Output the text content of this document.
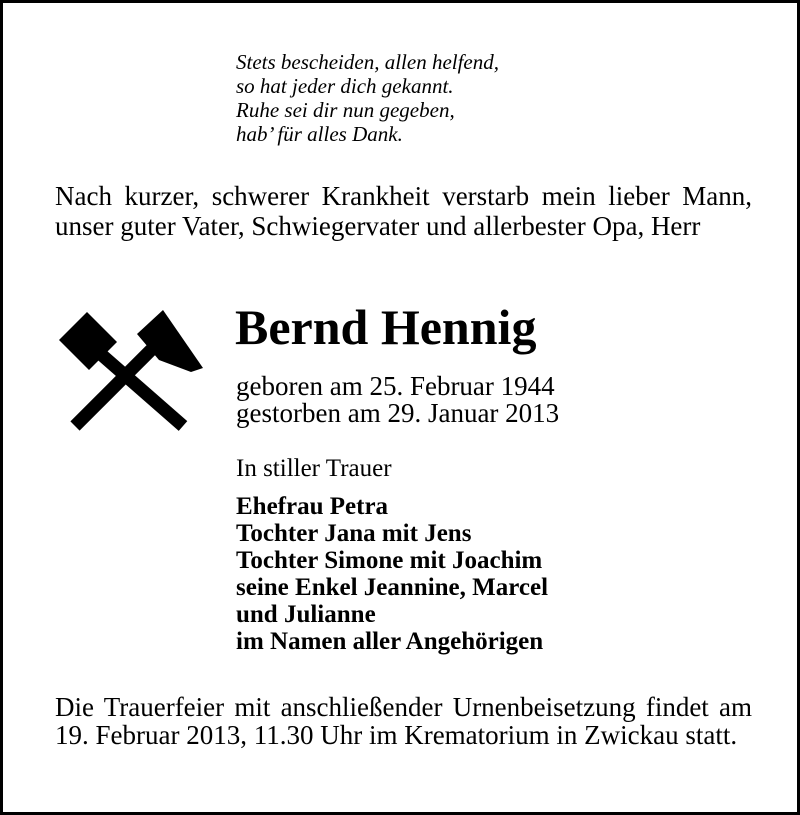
Stets bescheiden, allen helfend,
so hat jeder dich gekannt.
Ruhe sei dir nun gegeben,
hab’ für alles Dank.
Nach kurzer, schwerer Krankheit verstarb mein lieber Mann, unser guter Vater, Schwiegervater und allerbester Opa, Herr
Bernd Hennig
geboren am 25. Februar 1944
gestorben am 29. Januar 2013
In stiller Trauer
Ehefrau Petra
Tochter Jana mit Jens
Tochter Simone mit Joachim
seine Enkel Jeannine, Marcel
und Julianne
im Namen aller Angehörigen
Die Trauerfeier mit anschließender Urnenbeisetzung findet am 19. Februar 2013, 11.30 Uhr im Krematorium in Zwickau statt.
